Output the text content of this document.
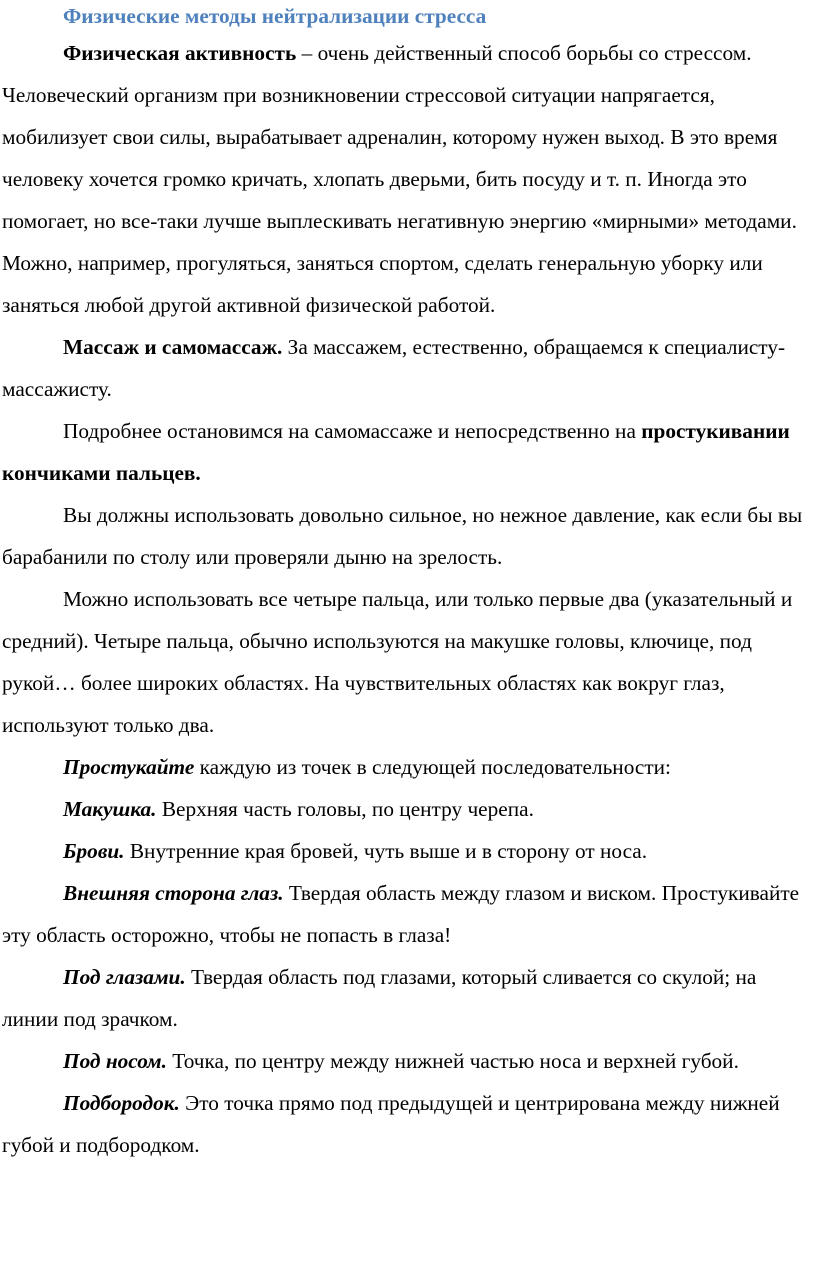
Физические методы нейтрализации стресса

Физическая активность – очень действенный способ борьбы со стрессом. Человеческий организм при возникновении стрессовой ситуации напрягается, мобилизует свои силы, вырабатывает адреналин, которому нужен выход. В это время человеку хочется громко кричать, хлопать дверьми, бить посуду и т. п. Иногда это помогает, но все-таки лучше выплескивать негативную энергию «мирными» методами. Можно, например, прогуляться, заняться спортом, сделать генеральную уборку или заняться любой другой активной физической работой.

Массаж и самомассаж. За массажем, естественно, обращаемся к специалисту-массажисту.

Подробнее остановимся на самомассаже и непосредственно на простукивании кончиками пальцев.

Вы должны использовать довольно сильное, но нежное давление, как если бы вы барабанили по столу или проверяли дыню на зрелость.

Можно использовать все четыре пальца, или только первые два (указательный и средний). Четыре пальца, обычно используются на макушке головы, ключице, под рукой… более широких областях. На чувствительных областях как вокруг глаз, используют только два.

Простукайте каждую из точек в следующей последовательности:

Макушка. Верхняя часть головы, по центру черепа.

Брови. Внутренние края бровей, чуть выше и в сторону от носа.

Внешняя сторона глаз. Твердая область между глазом и виском. Простукивайте эту область осторожно, чтобы не попасть в глаза!

Под глазами. Твердая область под глазами, который сливается со скулой; на линии под зрачком.

Под носом. Точка, по центру между нижней частью носа и верхней губой.

Подбородок. Это точка прямо под предыдущей и центрирована между нижней губой и подбородком.
